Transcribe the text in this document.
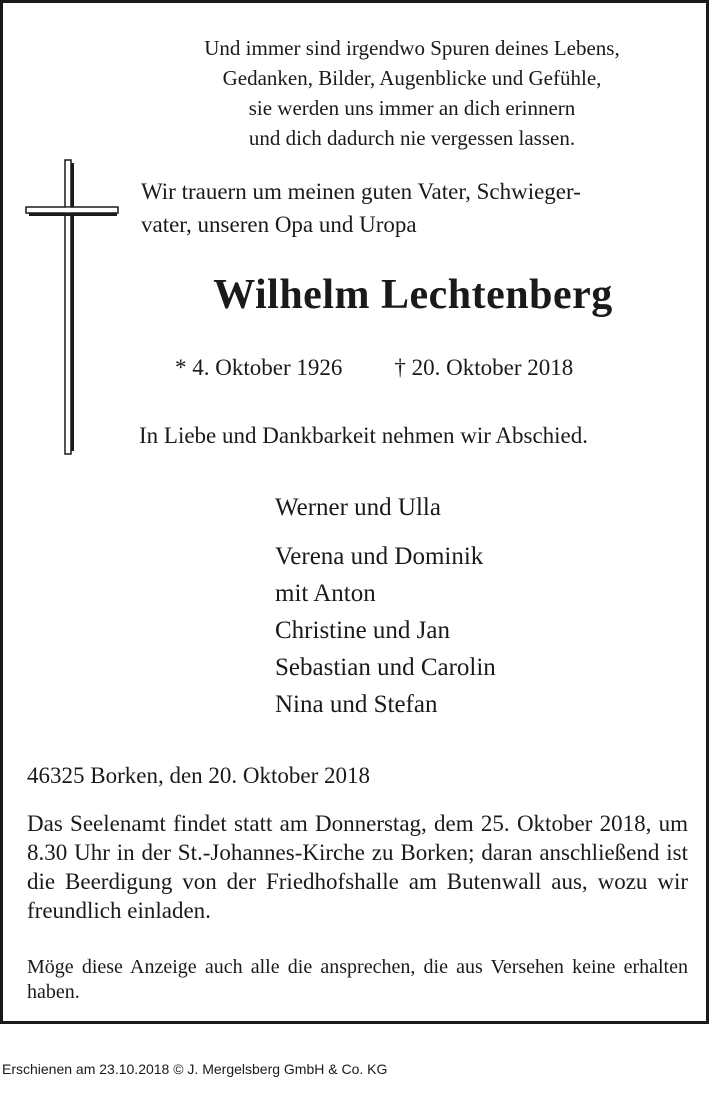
Und immer sind irgendwo Spuren deines Lebens,
Gedanken, Bilder, Augenblicke und Gefühle,
sie werden uns immer an dich erinnern
und dich dadurch nie vergessen lassen.
Wir trauern um meinen guten Vater, Schwieger-
vater, unseren Opa und Uropa
Wilhelm Lechtenberg
* 4. Oktober 1926 † 20. Oktober 2018
In Liebe und Dankbarkeit nehmen wir Abschied.
Werner und Ulla
Verena und Dominik
mit Anton
Christine und Jan
Sebastian und Carolin
Nina und Stefan
46325 Borken, den 20. Oktober 2018
Das Seelenamt findet statt am Donnerstag, dem 25. Oktober 2018, um 8.30 Uhr in der St.-Johannes-Kirche zu Borken; daran anschließend ist die Beerdigung von der Friedhofshalle am Butenwall aus, wozu wir freundlich einladen.
Möge diese Anzeige auch alle die ansprechen, die aus Versehen keine erhalten haben.
Erschienen am 23.10.2018 © J. Mergelsberg GmbH & Co. KG
